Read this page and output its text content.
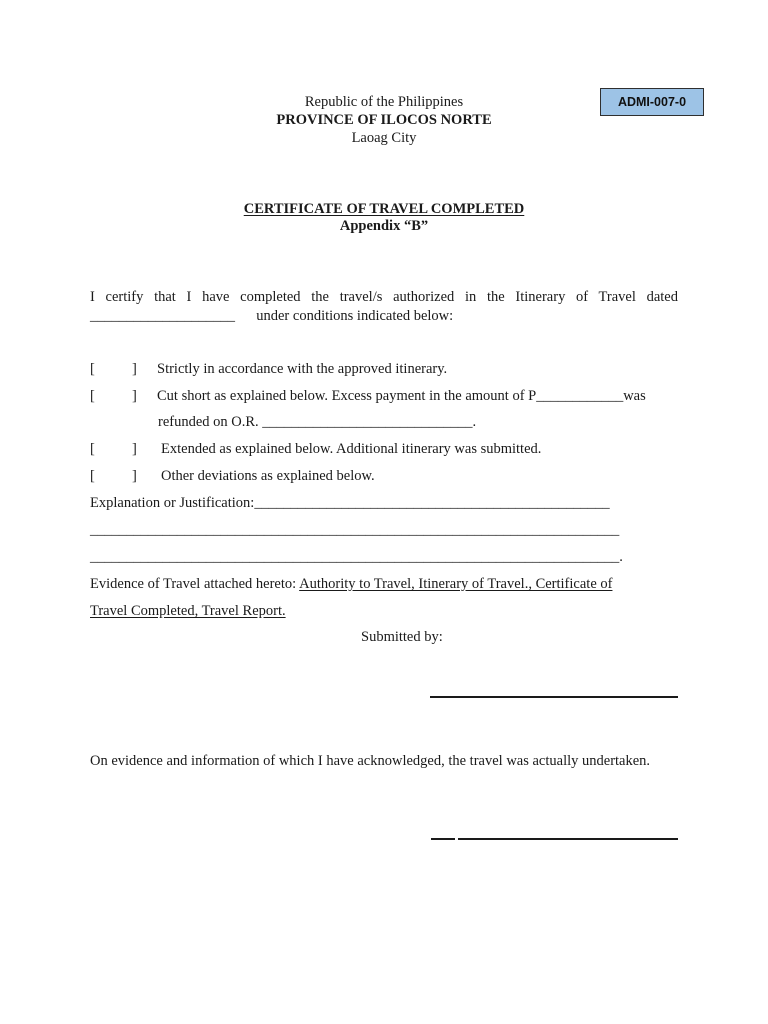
ADMI-007-0
Republic of the Philippines
PROVINCE OF ILOCOS NORTE
Laoag City
CERTIFICATE OF TRAVEL COMPLETED
Appendix “B”
I certify that I have completed the travel/s authorized in the Itinerary of Travel dated
____________________ under conditions indicated below:
[	] Strictly in accordance with the approved itinerary.
[	] Cut short as explained below. Excess payment in the amount of P____________was
refunded on O.R. _____________________________.
[	] Extended as explained below. Additional itinerary was submitted.
[	] Other deviations as explained below.
Explanation or Justification:_________________________________________________
_________________________________________________________________________
_________________________________________________________________________.
Evidence of Travel attached hereto: Authority to Travel, Itinerary of Travel., Certificate of
Travel Completed, Travel Report.
Submitted by:
On evidence and information of which I have acknowledged, the travel was actually undertaken.
